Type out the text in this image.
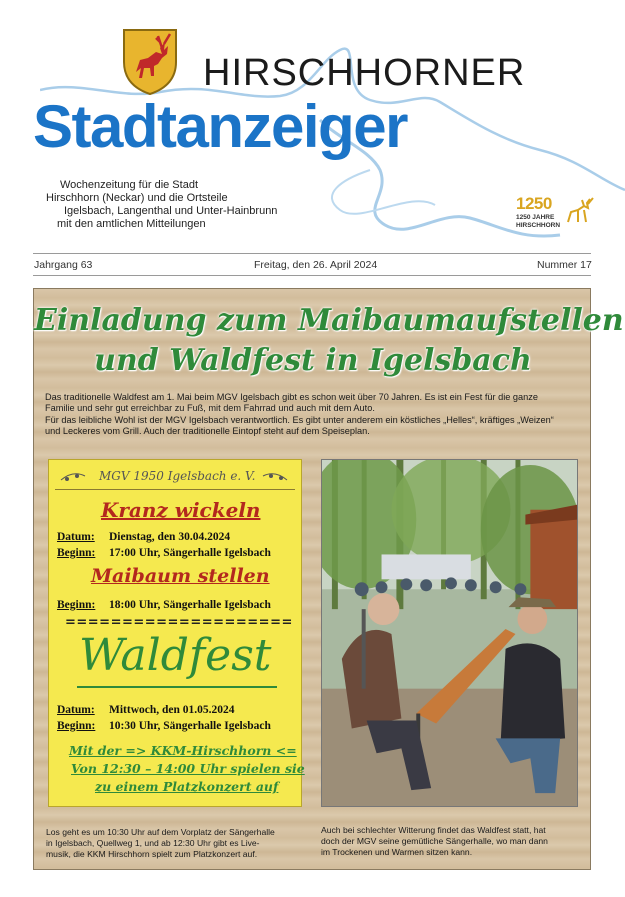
HIRSCHHORNER
Stadtanzeiger
Wochenzeitung für die Stadt
Hirschhorn (Neckar) und die Ortsteile
Igelsbach, Langenthal und Unter-Hainbrunn
mit den amtlichen Mitteilungen
1250
1250 JAHRE
HIRSCHHORN
Jahrgang 63	Freitag, den 26. April 2024	Nummer 17
Einladung zum Maibaumaufstellen
und Waldfest in Igelsbach
Das traditionelle Waldfest am 1. Mai beim MGV Igelsbach gibt es schon weit über 70 Jahren. Es ist ein Fest für die ganze
Familie und sehr gut erreichbar zu Fuß, mit dem Fahrrad und auch mit dem Auto.
Für das leibliche Wohl ist der MGV Igelsbach verantwortlich. Es gibt unter anderem ein köstliches „Helles“, kräftiges „Weizen“
und Leckeres vom Grill. Auch der traditionelle Eintopf steht auf dem Speiseplan.
MGV 1950 Igelsbach e. V.
Kranz wickeln
Datum: Dienstag, den 30.04.2024
Beginn: 17:00 Uhr, Sängerhalle Igelsbach
Maibaum stellen
Beginn: 18:00 Uhr, Sängerhalle Igelsbach
====================
Waldfest
Datum: Mittwoch, den 01.05.2024
Beginn: 10:30 Uhr, Sängerhalle Igelsbach
Mit der => KKM-Hirschhorn <=
Von 12:30 – 14:00 Uhr spielen sie
zu einem Platzkonzert auf
Los geht es um 10:30 Uhr auf dem Vorplatz der Sängerhalle
in Igelsbach, Quellweg 1, und ab 12:30 Uhr gibt es Live-
musik, die KKM Hirschhorn spielt zum Platzkonzert auf.
Auch bei schlechter Witterung findet das Waldfest statt, hat
doch der MGV seine gemütliche Sängerhalle, wo man dann
im Trockenen und Warmen sitzen kann.
